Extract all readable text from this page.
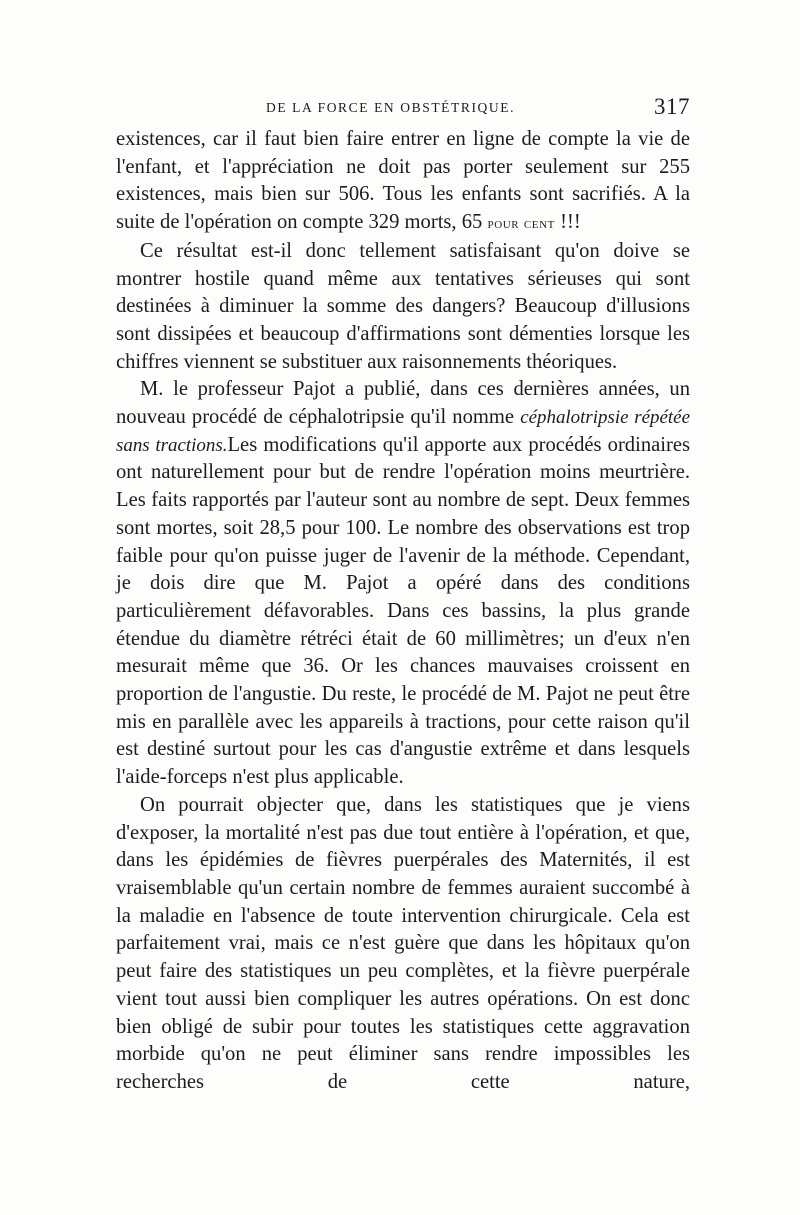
DE LA FORCE EN OBSTÉTRIQUE.	317

existences, car il faut bien faire entrer en ligne de compte la vie de l'enfant, et l'appréciation ne doit pas porter seulement sur 255 existences, mais bien sur 506. Tous les enfants sont sacrifiés. A la suite de l'opération on compte 329 morts, 65 pour cent !!!

Ce résultat est-il donc tellement satisfaisant qu'on doive se montrer hostile quand même aux tentatives sérieuses qui sont destinées à diminuer la somme des dangers? Beaucoup d'illusions sont dissipées et beaucoup d'affirmations sont démenties lorsque les chiffres viennent se substituer aux raisonnements théoriques.

M. le professeur Pajot a publié, dans ces dernières années, un nouveau procédé de céphalotripsie qu'il nomme céphalotripsie répétée sans tractions.Les modifications qu'il apporte aux procédés ordinaires ont naturellement pour but de rendre l'opération moins meurtrière. Les faits rapportés par l'auteur sont au nombre de sept. Deux femmes sont mortes, soit 28,5 pour 100. Le nombre des observations est trop faible pour qu'on puisse juger de l'avenir de la méthode. Cependant, je dois dire que M. Pajot a opéré dans des conditions particulièrement défavorables. Dans ces bassins, la plus grande étendue du diamètre rétréci était de 60 millimètres; un d'eux n'en mesurait même que 36. Or les chances mauvaises croissent en proportion de l'angustie. Du reste, le procédé de M. Pajot ne peut être mis en parallèle avec les appareils à tractions, pour cette raison qu'il est destiné surtout pour les cas d'angustie extrême et dans lesquels l'aide-forceps n'est plus applicable.

On pourrait objecter que, dans les statistiques que je viens d'exposer, la mortalité n'est pas due tout entière à l'opération, et que, dans les épidémies de fièvres puerpérales des Maternités, il est vraisemblable qu'un certain nombre de femmes auraient succombé à la maladie en l'absence de toute intervention chirurgicale. Cela est parfaitement vrai, mais ce n'est guère que dans les hôpitaux qu'on peut faire des statistiques un peu complètes, et la fièvre puerpérale vient tout aussi bien compliquer les autres opérations. On est donc bien obligé de subir pour toutes les statistiques cette aggravation morbide qu'on ne peut éliminer sans rendre impossibles les recherches de cette nature,
